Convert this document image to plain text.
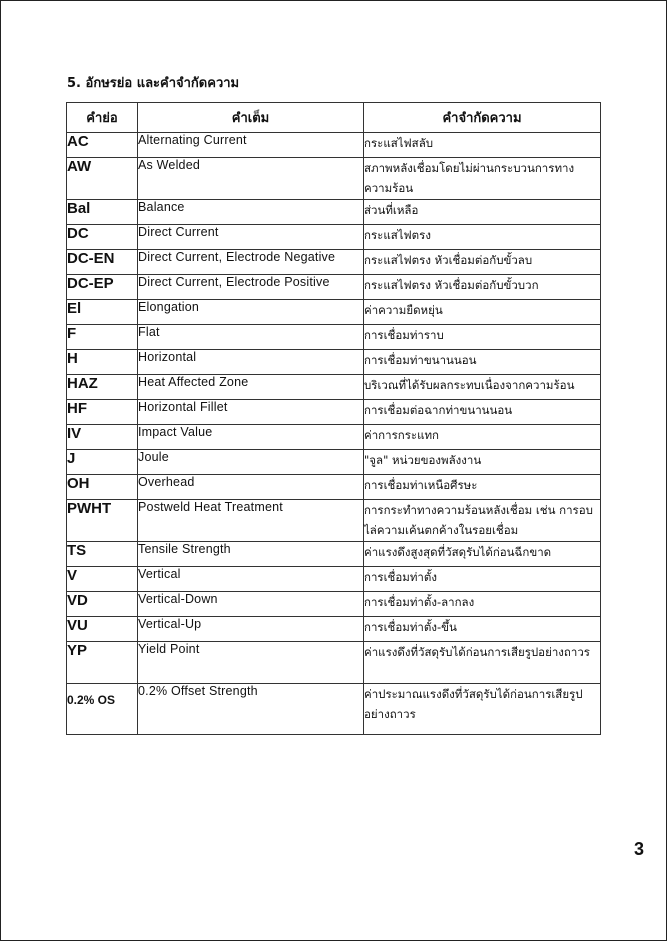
5. อักษรย่อ และคำจำกัดความ
คำย่อ	คำเต็ม	คำจำกัดความ
AC	Alternating Current	กระแสไฟสลับ
AW	As Welded	สภาพหลังเชื่อมโดยไม่ผ่านกระบวนการทางความร้อน
Bal	Balance	ส่วนที่เหลือ
DC	Direct Current	กระแสไฟตรง
DC-EN	Direct Current, Electrode Negative	กระแสไฟตรง หัวเชื่อมต่อกับขั้วลบ
DC-EP	Direct Current, Electrode Positive	กระแสไฟตรง หัวเชื่อมต่อกับขั้วบวก
El	Elongation	ค่าความยืดหยุ่น
F	Flat	การเชื่อมท่าราบ
H	Horizontal	การเชื่อมท่าขนานนอน
HAZ	Heat Affected Zone	บริเวณที่ได้รับผลกระทบเนื่องจากความร้อน
HF	Horizontal Fillet	การเชื่อมต่อฉากท่าขนานนอน
IV	Impact Value	ค่าการกระแทก
J	Joule	"จูล" หน่วยของพลังงาน
OH	Overhead	การเชื่อมท่าเหนือศีรษะ
PWHT	Postweld Heat Treatment	การกระทำทางความร้อนหลังเชื่อม เช่น การอบไล่ความเค้นตกค้างในรอยเชื่อม
TS	Tensile Strength	ค่าแรงดึงสูงสุดที่วัสดุรับได้ก่อนฉีกขาด
V	Vertical	การเชื่อมท่าตั้ง
VD	Vertical-Down	การเชื่อมท่าตั้ง-ลากลง
VU	Vertical-Up	การเชื่อมท่าตั้ง-ขึ้น
YP	Yield Point	ค่าแรงดึงที่วัสดุรับได้ก่อนการเสียรูปอย่างถาวร
0.2% OS	0.2% Offset Strength	ค่าประมาณแรงดึงที่วัสดุรับได้ก่อนการเสียรูปอย่างถาวร
3
